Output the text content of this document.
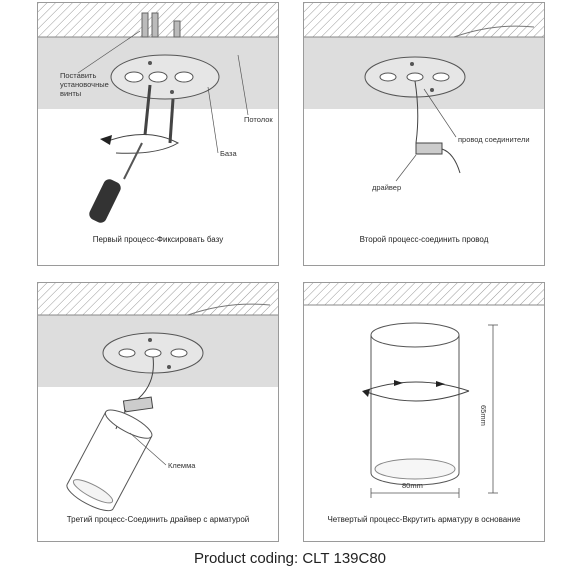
Поставить установочные винты
Потолок
База
Первый процесс-Фиксировать базу
провод соединители
драйвер
Второй процесс-соединить провод
Клемма
Третий процесс-Соединить драйвер с арматурой
80mm
65mm
Четвертый процесс-Вкрутить арматуру в основание
Product coding: CLT 139C80
